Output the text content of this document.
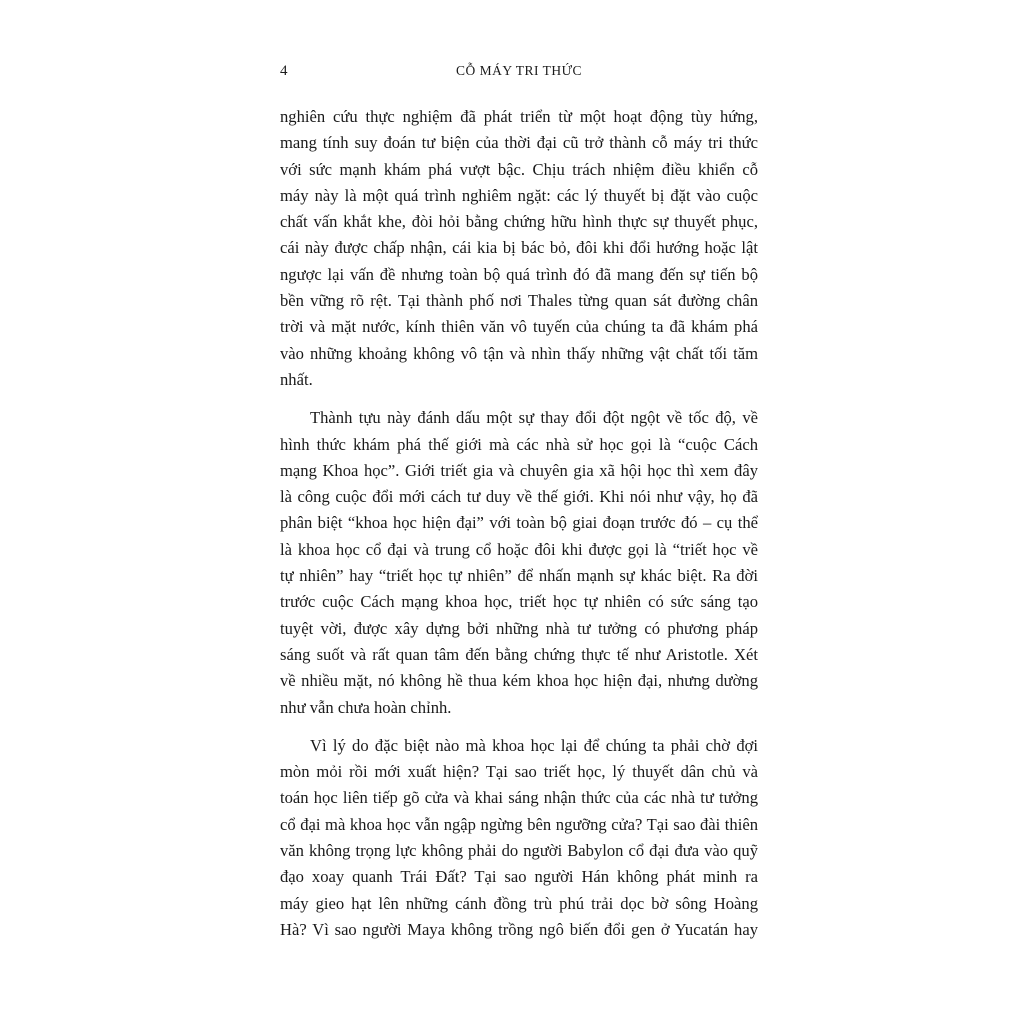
4	CỖ MÁY TRI THỨC

nghiên cứu thực nghiệm đã phát triển từ một hoạt động tùy hứng,
mang tính suy đoán tư biện của thời đại cũ trở thành cỗ máy tri thức
với sức mạnh khám phá vượt bậc. Chịu trách nhiệm điều khiển cỗ
máy này là một quá trình nghiêm ngặt: các lý thuyết bị đặt vào cuộc
chất vấn khắt khe, đòi hỏi bằng chứng hữu hình thực sự thuyết phục,
cái này được chấp nhận, cái kia bị bác bỏ, đôi khi đổi hướng hoặc lật
ngược lại vấn đề nhưng toàn bộ quá trình đó đã mang đến sự tiến bộ
bền vững rõ rệt. Tại thành phố nơi Thales từng quan sát đường chân
trời và mặt nước, kính thiên văn vô tuyến của chúng ta đã khám phá
vào những khoảng không vô tận và nhìn thấy những vật chất tối tăm
nhất.

Thành tựu này đánh dấu một sự thay đổi đột ngột về tốc độ, về
hình thức khám phá thế giới mà các nhà sử học gọi là “cuộc Cách
mạng Khoa học”. Giới triết gia và chuyên gia xã hội học thì xem đây
là công cuộc đổi mới cách tư duy về thế giới. Khi nói như vậy, họ đã
phân biệt “khoa học hiện đại” với toàn bộ giai đoạn trước đó – cụ thể
là khoa học cổ đại và trung cổ hoặc đôi khi được gọi là “triết học về
tự nhiên” hay “triết học tự nhiên” để nhấn mạnh sự khác biệt. Ra đời
trước cuộc Cách mạng khoa học, triết học tự nhiên có sức sáng tạo
tuyệt vời, được xây dựng bởi những nhà tư tưởng có phương pháp
sáng suốt và rất quan tâm đến bằng chứng thực tế như Aristotle. Xét
về nhiều mặt, nó không hề thua kém khoa học hiện đại, nhưng dường
như vẫn chưa hoàn chỉnh.

Vì lý do đặc biệt nào mà khoa học lại để chúng ta phải chờ đợi
mòn mỏi rồi mới xuất hiện? Tại sao triết học, lý thuyết dân chủ và
toán học liên tiếp gõ cửa và khai sáng nhận thức của các nhà tư tưởng
cổ đại mà khoa học vẫn ngập ngừng bên ngưỡng cửa? Tại sao đài thiên
văn không trọng lực không phải do người Babylon cổ đại đưa vào quỹ
đạo xoay quanh Trái Đất? Tại sao người Hán không phát minh ra
máy gieo hạt lên những cánh đồng trù phú trải dọc bờ sông Hoàng
Hà? Vì sao người Maya không trồng ngô biến đổi gen ở Yucatán hay
